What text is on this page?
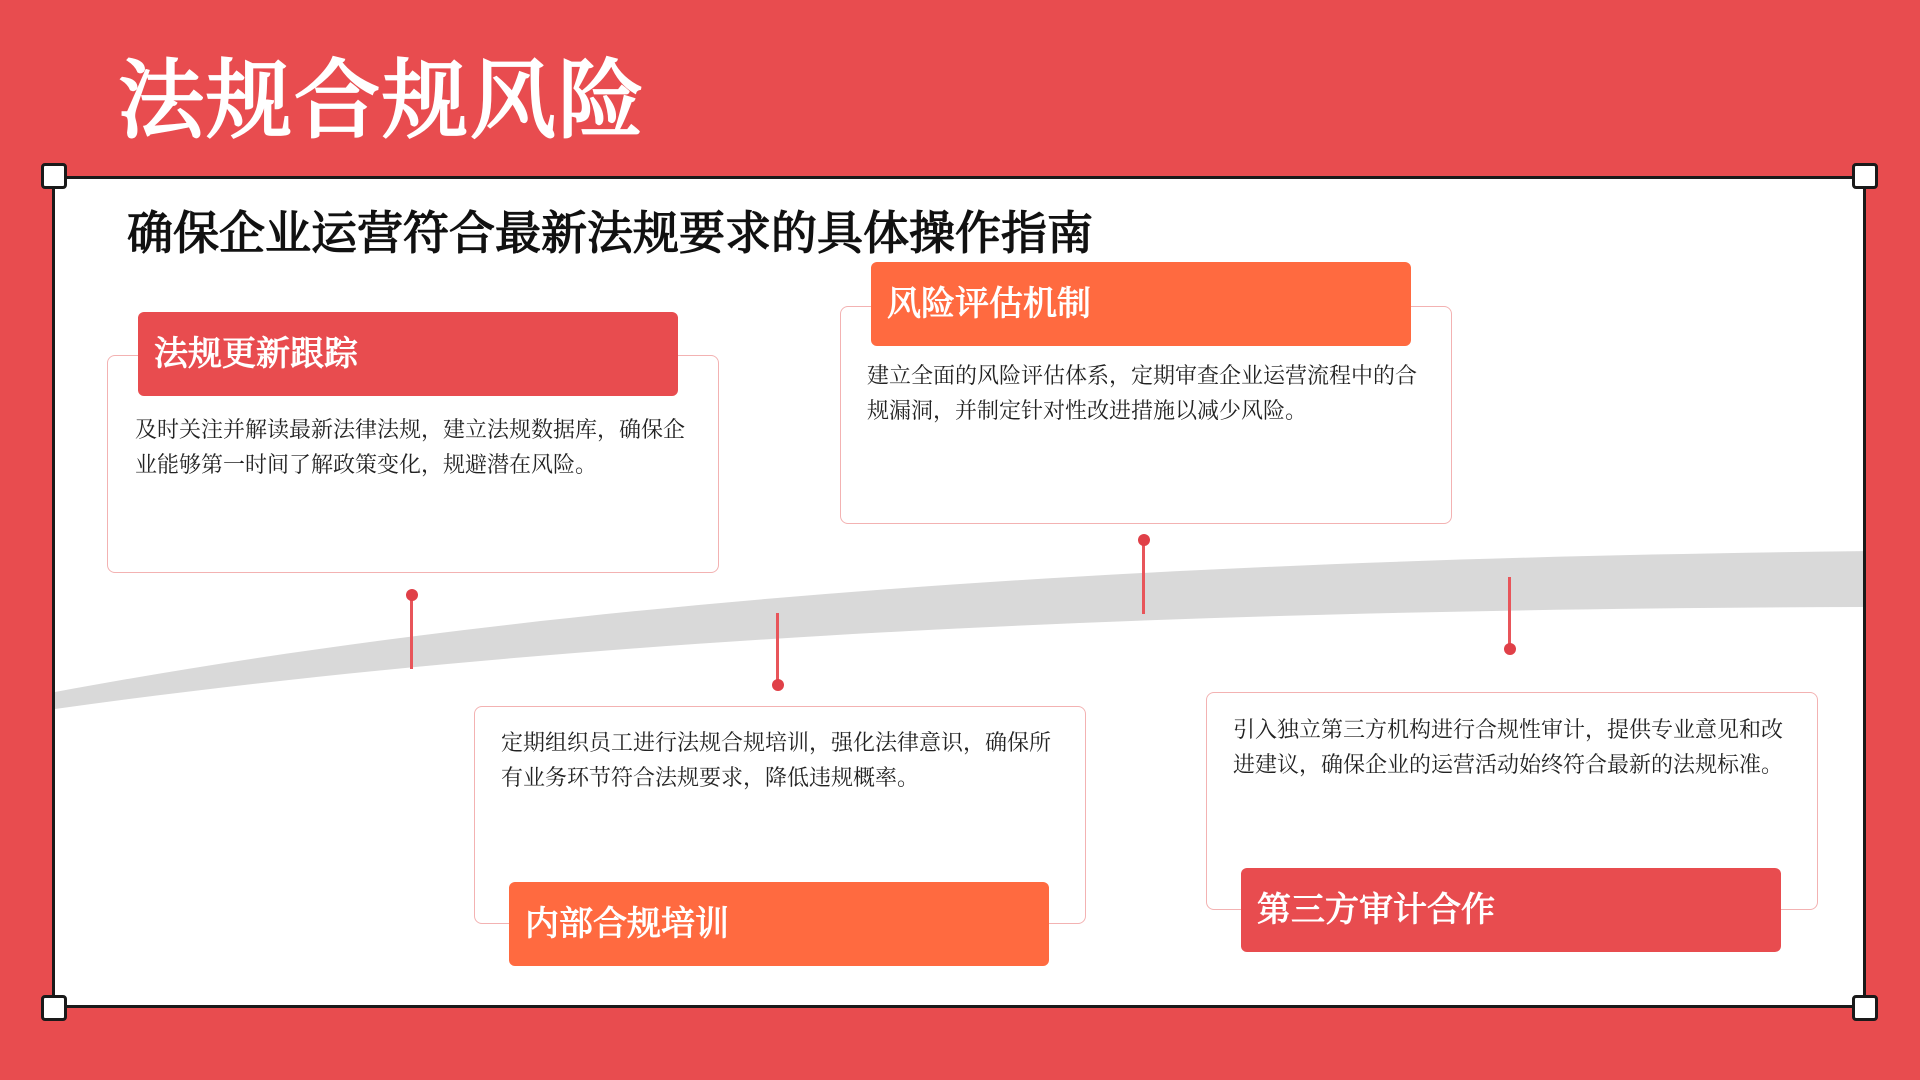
法规合规风险
确保企业运营符合最新法规要求的具体操作指南
及时关注并解读最新法律法规，建立法规数据库，确保企业能够第一时间了解政策变化，规避潜在风险。
法规更新跟踪
建立全面的风险评估体系，定期审查企业运营流程中的合规漏洞，并制定针对性改进措施以减少风险。
风险评估机制
定期组织员工进行法规合规培训，强化法律意识，确保所有业务环节符合法规要求，降低违规概率。
内部合规培训
引入独立第三方机构进行合规性审计，提供专业意见和改进建议，确保企业的运营活动始终符合最新的法规标准。
第三方审计合作
